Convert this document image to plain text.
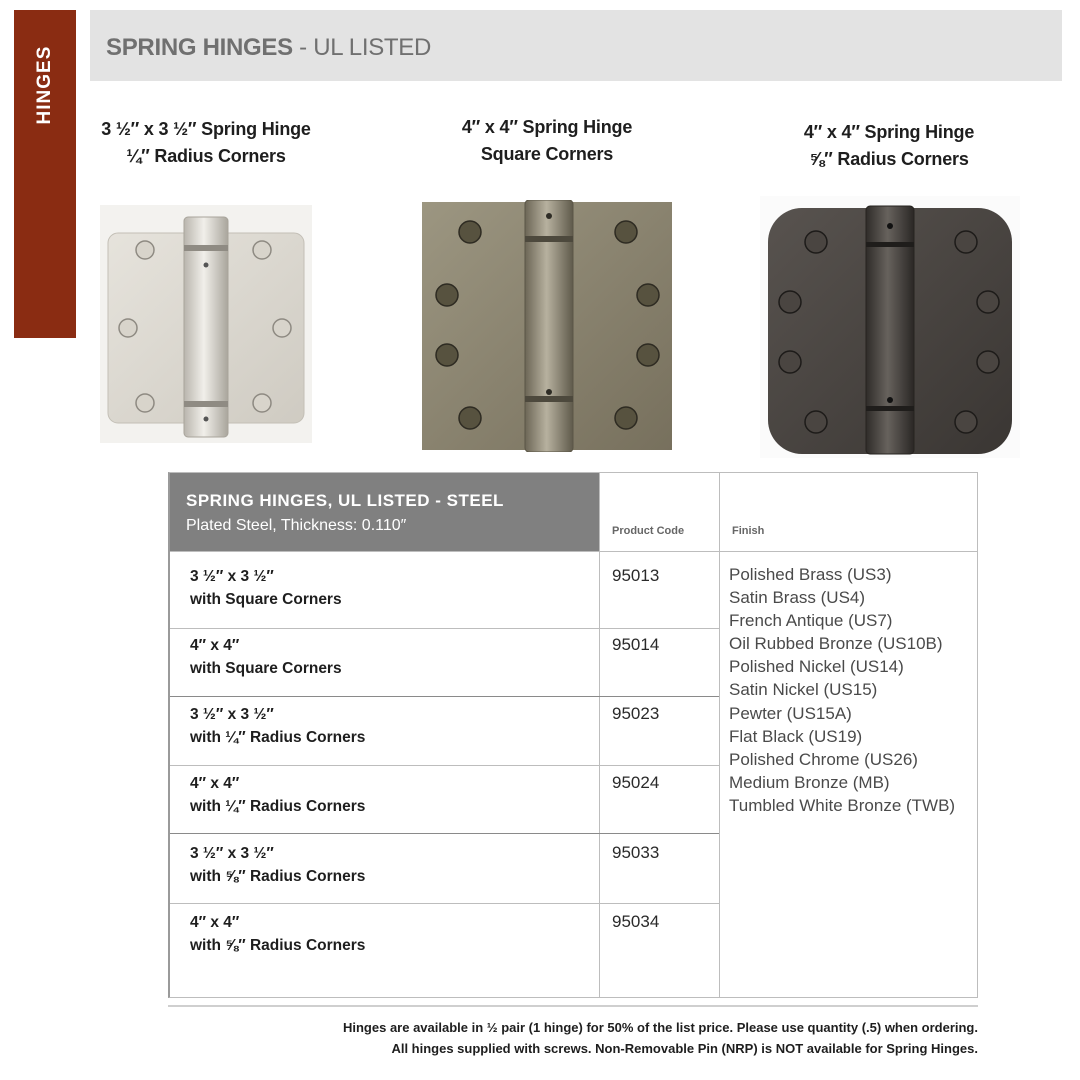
HINGES SPRING HINGES - UL LISTED
3 ½″ x 3 ½″ Spring Hinge
¼″ Radius Corners
4″ x 4″ Spring Hinge
Square Corners
4″ x 4″ Spring Hinge
⅝″ Radius Corners
SPRING HINGES, UL LISTED - STEEL
Plated Steel, Thickness: 0.110″	Product Code	Finish
3 ½″ x 3 ½″
with Square Corners
95013
4″ x 4″
with Square Corners
95014
3 ½″ x 3 ½″
with ¼″ Radius Corners
95023
4″ x 4″
with ¼″ Radius Corners
95024
3 ½″ x 3 ½″
with ⅝″ Radius Corners
95033
4″ x 4″
with ⅝″ Radius Corners
95034
Polished Brass (US3)
Satin Brass (US4)
French Antique (US7)
Oil Rubbed Bronze (US10B)
Polished Nickel (US14)
Satin Nickel (US15)
Pewter (US15A)
Flat Black (US19)
Polished Chrome (US26)
Medium Bronze (MB)
Tumbled White Bronze (TWB)
Hinges are available in ½ pair (1 hinge) for 50% of the list price. Please use quantity (.5) when ordering.
All hinges supplied with screws. Non-Removable Pin (NRP) is NOT available for Spring Hinges.
